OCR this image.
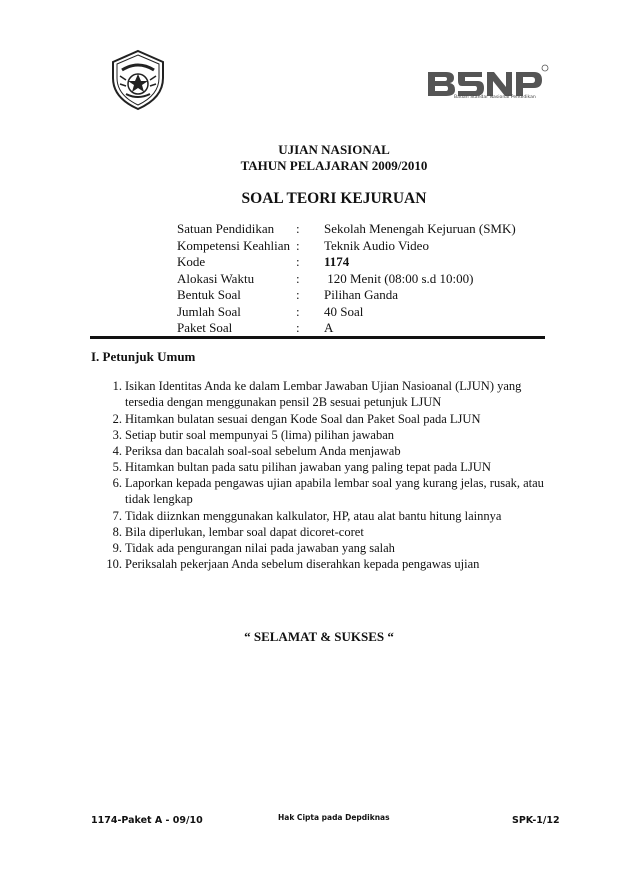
Badan Standar Nasional Pendidikan
UJIAN NASIONAL
TAHUN PELAJARAN 2009/2010
SOAL TEORI KEJURUAN
Satuan Pendidikan : Sekolah Menengah Kejuruan (SMK)
Kompetensi Keahlian : Teknik Audio Video
Kode	: 1174
Alokasi Waktu	: 120 Menit (08:00 s.d 10:00)
Bentuk Soal	: Pilihan Ganda
Jumlah Soal	: 40 Soal
Paket Soal	: A
I. Petunjuk Umum
1. Isikan Identitas Anda ke dalam Lembar Jawaban Ujian Nasioanal (LJUN) yang
tersedia dengan menggunakan pensil 2B sesuai petunjuk LJUN
2. Hitamkan bulatan sesuai dengan Kode Soal dan Paket Soal pada LJUN
3. Setiap butir soal mempunyai 5 (lima) pilihan jawaban
4. Periksa dan bacalah soal-soal sebelum Anda menjawab
5. Hitamkan bultan pada satu pilihan jawaban yang paling tepat pada LJUN
6. Laporkan kepada pengawas ujian apabila lembar soal yang kurang jelas, rusak, atau
tidak lengkap
7. Tidak diiznkan menggunakan kalkulator, HP, atau alat bantu hitung lainnya
8. Bila diperlukan, lembar soal dapat dicoret-coret
9. Tidak ada pengurangan nilai pada jawaban yang salah
10. Periksalah pekerjaan Anda sebelum diserahkan kepada pengawas ujian
“ SELAMAT & SUKSES “
1174-Paket A - 09/10	Hak Cipta pada Depdiknas	SPK-1/12
